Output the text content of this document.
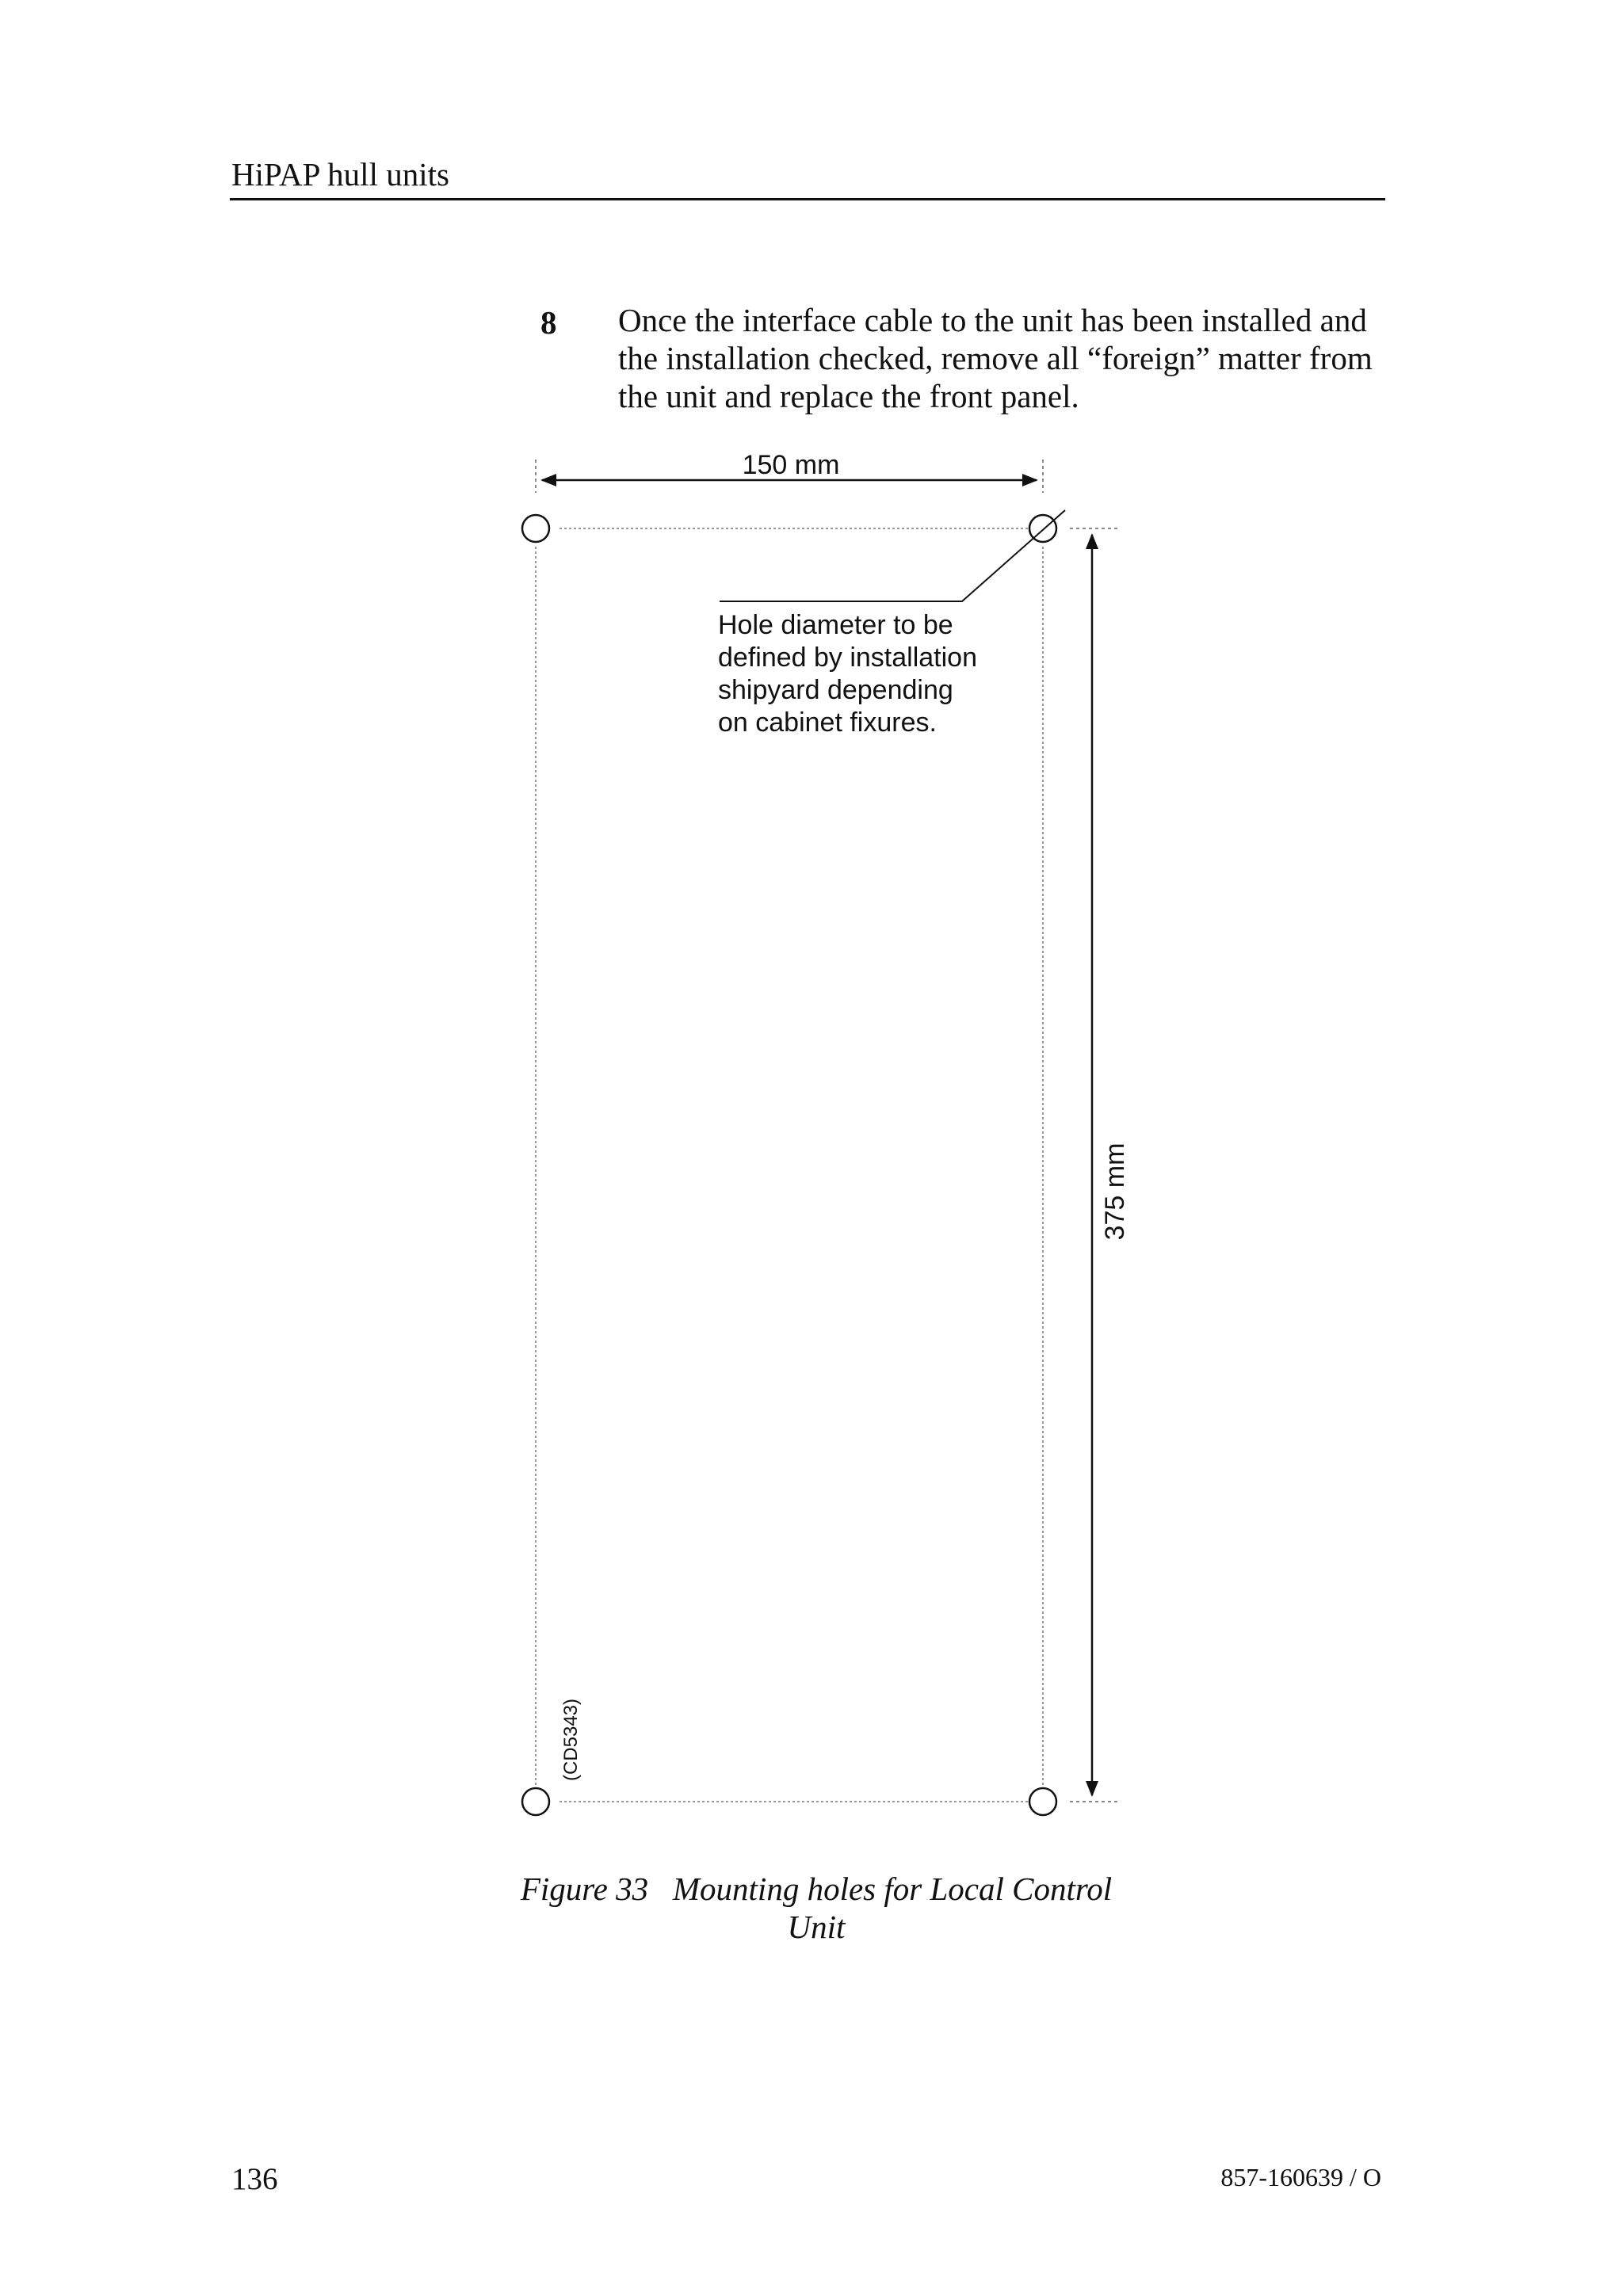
HiPAP hull units
8 Once the interface cable to the unit has been installed and
the installation checked, remove all “foreign” matter from
the unit and replace the front panel.
150 mm
375 mm
Hole diameter to be
defined by installation
shipyard depending
on cabinet fixures.
(CD5343)
Figure 33   Mounting holes for Local Control
Unit
136	857-160639 / O
